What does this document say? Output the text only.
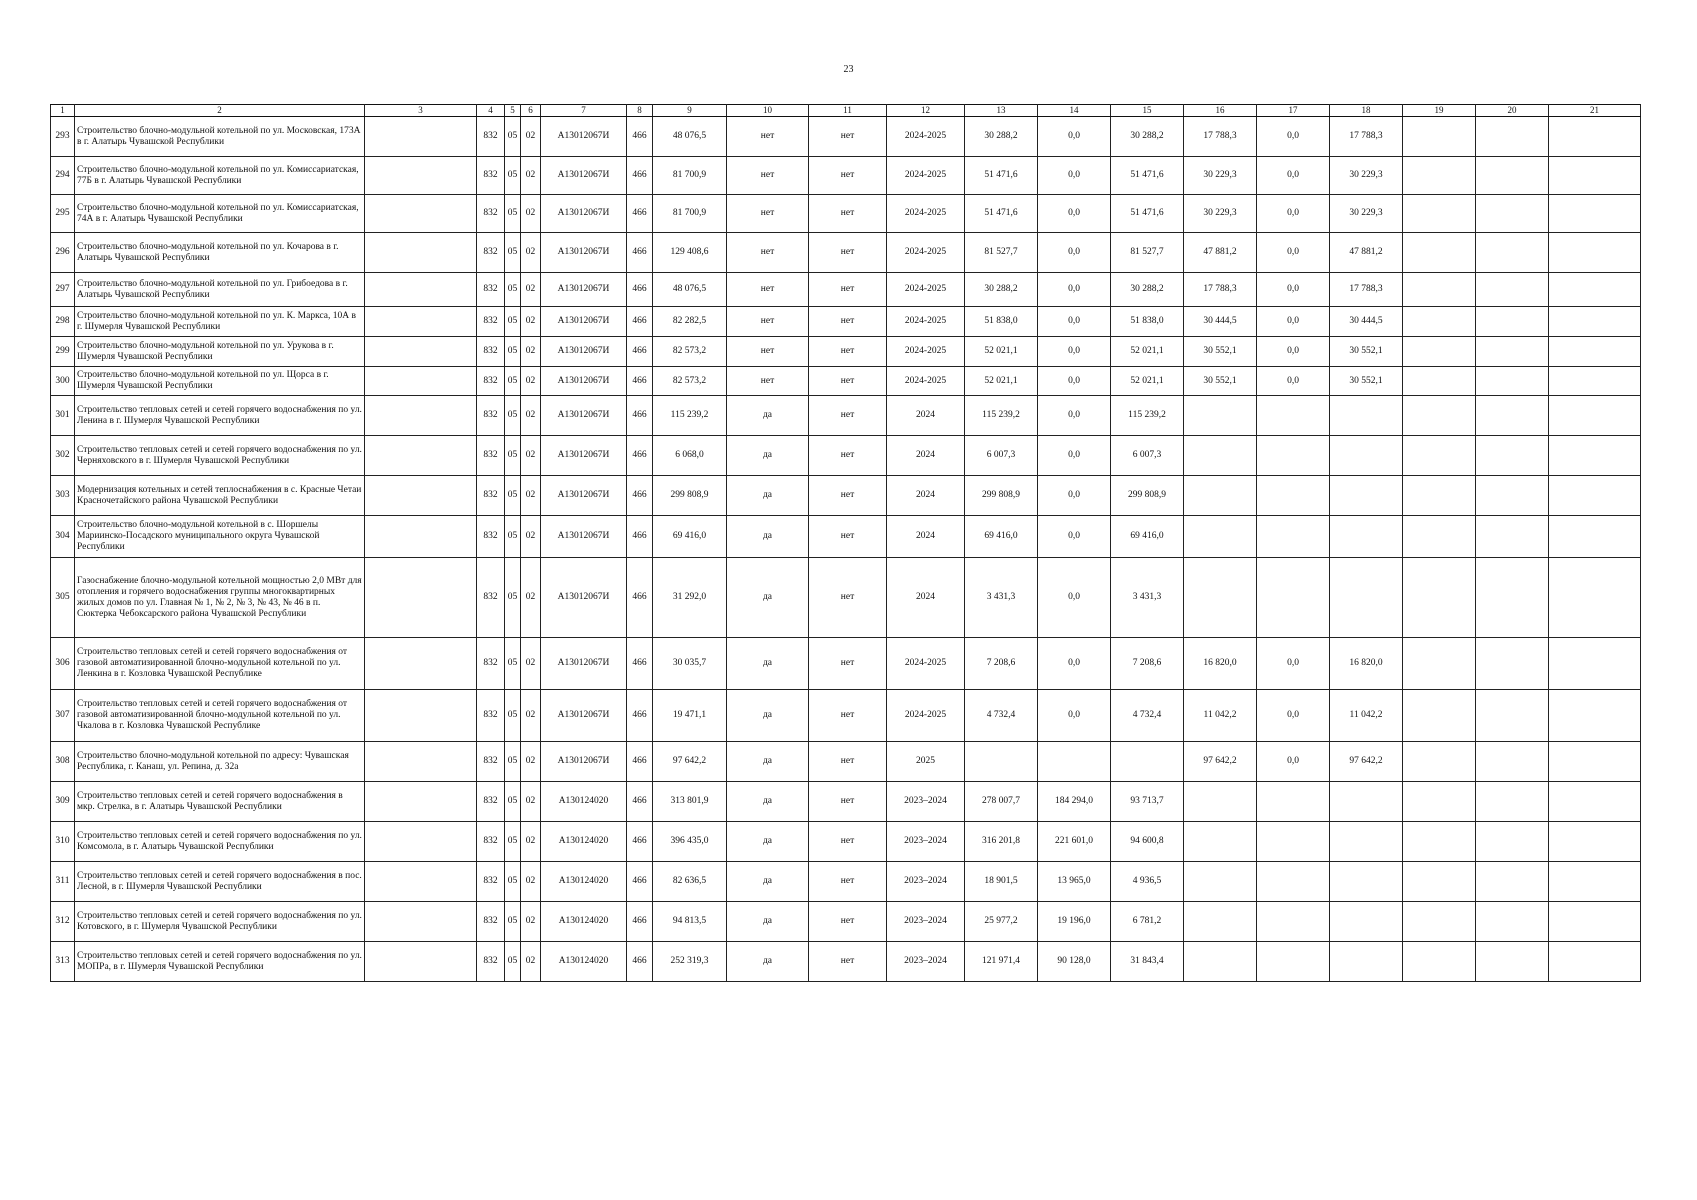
23
1	2	3	4	5	6	7	8	9	10	11	12	13	14	15	16	17	18	19	20	21
293	Строительство блочно-модульной котельной по ул. Московская, 173А в г. Алатырь Чувашской Республики		832	05	02	А13012067И	466	48 076,5	нет	нет	2024-2025	30 288,2	0,0	30 288,2	17 788,3	0,0	17 788,3			
294	Строительство блочно-модульной котельной по ул. Комиссариатская, 77Б в г. Алатырь Чувашской Республики		832	05	02	А13012067И	466	81 700,9	нет	нет	2024-2025	51 471,6	0,0	51 471,6	30 229,3	0,0	30 229,3			
295	Строительство блочно-модульной котельной по ул. Комиссариатская, 74А в г. Алатырь Чувашской Республики		832	05	02	А13012067И	466	81 700,9	нет	нет	2024-2025	51 471,6	0,0	51 471,6	30 229,3	0,0	30 229,3			
296	Строительство блочно-модульной котельной по ул. Кочарова в г. Алатырь Чувашской Республики		832	05	02	А13012067И	466	129 408,6	нет	нет	2024-2025	81 527,7	0,0	81 527,7	47 881,2	0,0	47 881,2			
297	Строительство блочно-модульной котельной по ул. Грибоедова в г. Алатырь Чувашской Республики		832	05	02	А13012067И	466	48 076,5	нет	нет	2024-2025	30 288,2	0,0	30 288,2	17 788,3	0,0	17 788,3			
298	Строительство блочно-модульной котельной по ул. К. Маркса, 10А в г. Шумерля Чувашской Республики		832	05	02	А13012067И	466	82 282,5	нет	нет	2024-2025	51 838,0	0,0	51 838,0	30 444,5	0,0	30 444,5			
299	Строительство блочно-модульной котельной по ул. Урукова в г. Шумерля Чувашской Республики		832	05	02	А13012067И	466	82 573,2	нет	нет	2024-2025	52 021,1	0,0	52 021,1	30 552,1	0,0	30 552,1			
300	Строительство блочно-модульной котельной по ул. Щорса в г. Шумерля Чувашской Республики		832	05	02	А13012067И	466	82 573,2	нет	нет	2024-2025	52 021,1	0,0	52 021,1	30 552,1	0,0	30 552,1			
301	Строительство тепловых сетей и сетей горячего водоснабжения по ул. Ленина в г. Шумерля Чувашской Республики		832	05	02	А13012067И	466	115 239,2	да	нет	2024	115 239,2	0,0	115 239,2						
302	Строительство тепловых сетей и сетей горячего водоснабжения по ул. Черняховского в г. Шумерля Чувашской Республики		832	05	02	А13012067И	466	6 068,0	да	нет	2024	6 007,3	0,0	6 007,3						
303	Модернизация котельных и сетей теплоснабжения в с. Красные Четаи Красночетайского района Чувашской Республики		832	05	02	А13012067И	466	299 808,9	да	нет	2024	299 808,9	0,0	299 808,9						
304	Строительство блочно-модульной котельной в с. Шоршелы Мариинско-Посадского муниципального округа Чувашской Республики		832	05	02	А13012067И	466	69 416,0	да	нет	2024	69 416,0	0,0	69 416,0						
305	Газоснабжение блочно-модульной котельной мощностью 2,0 МВт для отопления и горячего водоснабжения группы многоквартирных жилых домов по ул. Главная № 1, № 2, № 3, № 43, № 46 в п. Сюктерка Чебоксарского района Чувашской Республики		832	05	02	А13012067И	466	31 292,0	да	нет	2024	3 431,3	0,0	3 431,3						
306	Строительство тепловых сетей и сетей горячего водоснабжения от газовой автоматизированной блочно-модульной котельной по ул. Ленкина в г. Козловка Чувашской Республике		832	05	02	А13012067И	466	30 035,7	да	нет	2024-2025	7 208,6	0,0	7 208,6	16 820,0	0,0	16 820,0			
307	Строительство тепловых сетей и сетей горячего водоснабжения от газовой автоматизированной блочно-модульной котельной по ул. Чкалова в г. Козловка Чувашской Республике		832	05	02	А13012067И	466	19 471,1	да	нет	2024-2025	4 732,4	0,0	4 732,4	11 042,2	0,0	11 042,2			
308	Строительство блочно-модульной котельной по адресу: Чувашская Республика, г. Канаш, ул. Репина, д. 32а		832	05	02	А13012067И	466	97 642,2	да	нет	2025				97 642,2	0,0	97 642,2			
309	Строительство тепловых сетей и сетей горячего водоснабжения в мкр. Стрелка, в г. Алатырь Чувашской Республики		832	05	02	А130124020	466	313 801,9	да	нет	2023–2024	278 007,7	184 294,0	93 713,7						
310	Строительство тепловых сетей и сетей горячего водоснабжения по ул. Комсомола, в г. Алатырь Чувашской Республики		832	05	02	А130124020	466	396 435,0	да	нет	2023–2024	316 201,8	221 601,0	94 600,8						
311	Строительство тепловых сетей и сетей горячего водоснабжения в пос. Лесной, в г. Шумерля Чувашской Республики		832	05	02	А130124020	466	82 636,5	да	нет	2023–2024	18 901,5	13 965,0	4 936,5						
312	Строительство тепловых сетей и сетей горячего водоснабжения по ул. Котовского, в г. Шумерля Чувашской Республики		832	05	02	А130124020	466	94 813,5	да	нет	2023–2024	25 977,2	19 196,0	6 781,2						
313	Строительство тепловых сетей и сетей горячего водоснабжения по ул. МОПРа, в г. Шумерля Чувашской Республики		832	05	02	А130124020	466	252 319,3	да	нет	2023–2024	121 971,4	90 128,0	31 843,4						
